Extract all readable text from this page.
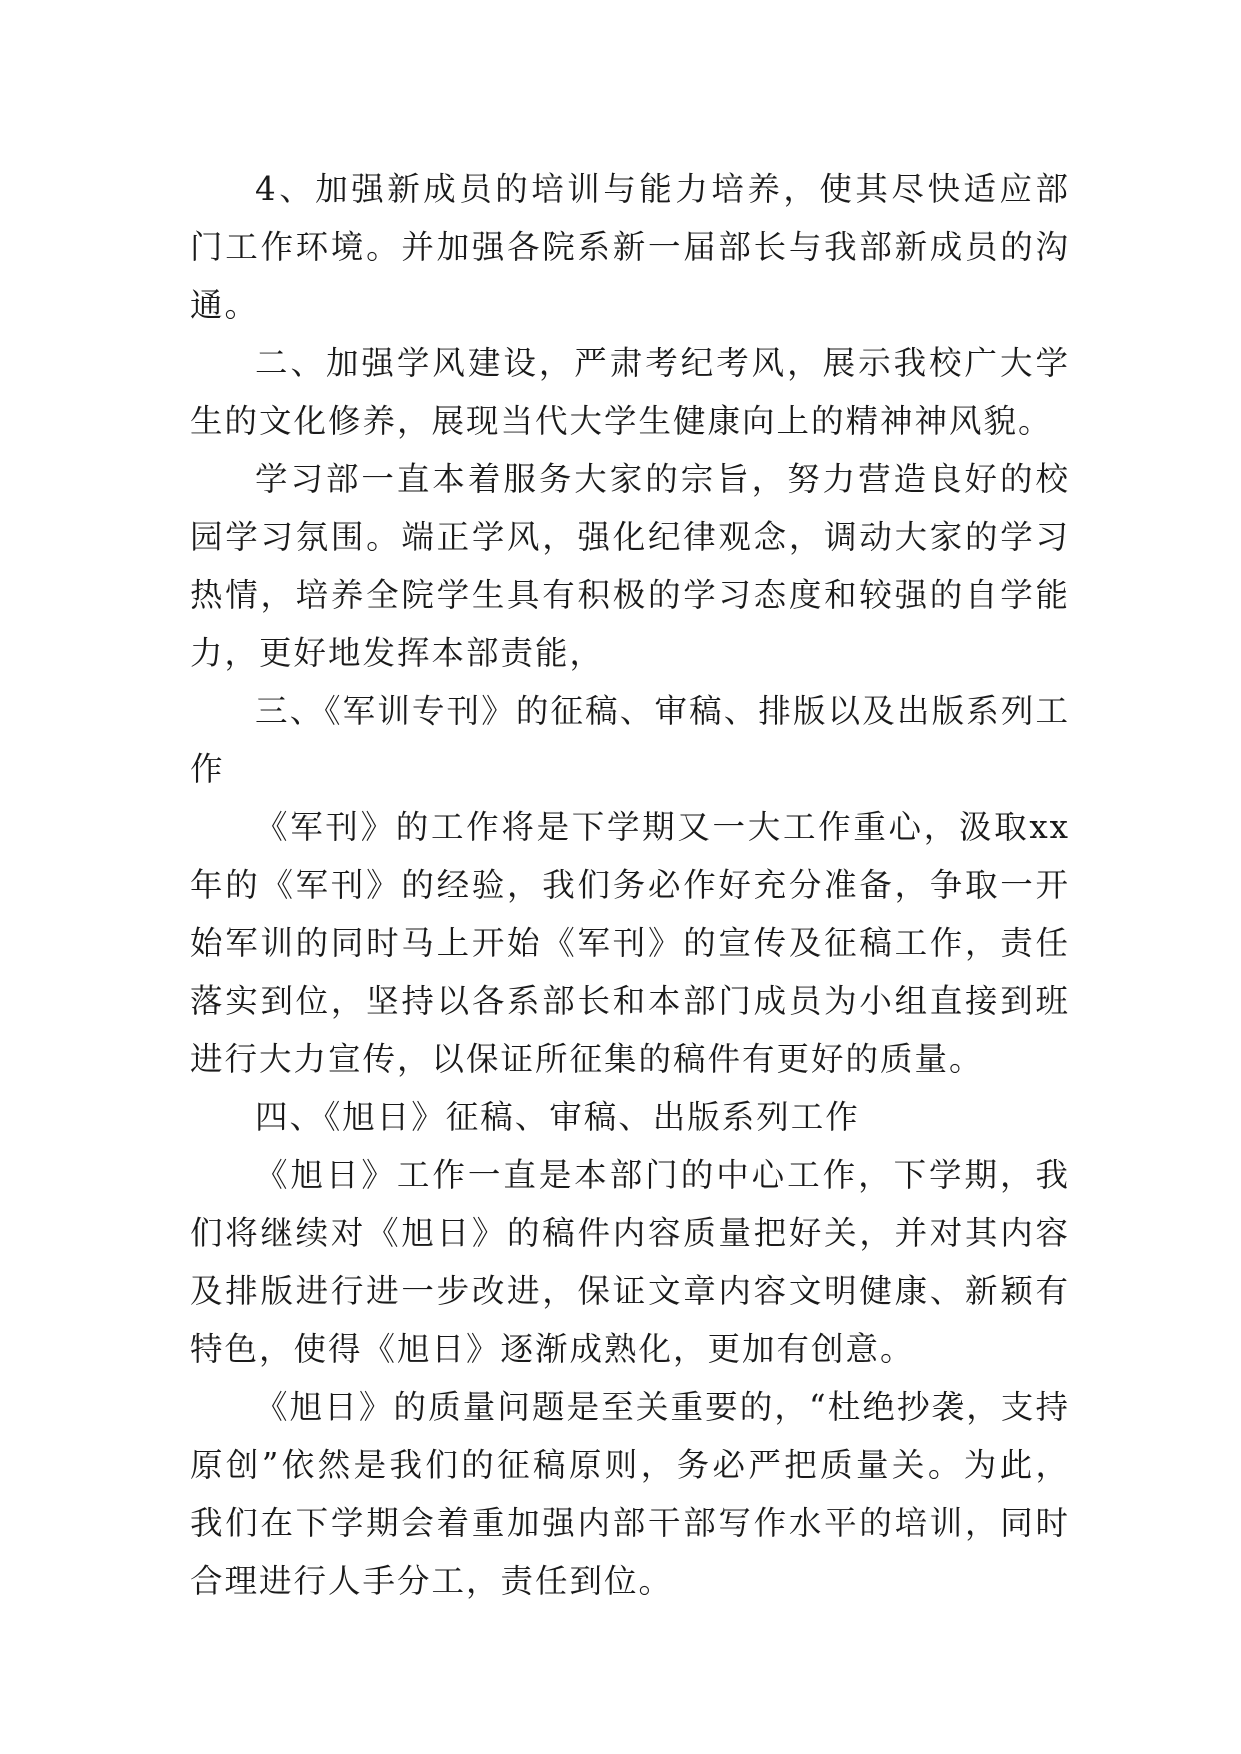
4、加强新成员的培训与能力培养，使其尽快适应部门工作环境。并加强各院系新一届部长与我部新成员的沟通。

二、加强学风建设，严肃考纪考风，展示我校广大学生的文化修养，展现当代大学生健康向上的精神神风貌。

学习部一直本着服务大家的宗旨，努力营造良好的校园学习氛围。端正学风，强化纪律观念，调动大家的学习热情，培养全院学生具有积极的学习态度和较强的自学能力，更好地发挥本部责能，

三、《军训专刊》的征稿、审稿、排版以及出版系列工作

《军刊》的工作将是下学期又一大工作重心，汲取xx年的《军刊》的经验，我们务必作好充分准备，争取一开始军训的同时马上开始《军刊》的宣传及征稿工作，责任落实到位，坚持以各系部长和本部门成员为小组直接到班进行大力宣传，以保证所征集的稿件有更好的质量。

四、《旭日》征稿、审稿、出版系列工作

《旭日》工作一直是本部门的中心工作，下学期，我们将继续对《旭日》的稿件内容质量把好关，并对其内容及排版进行进一步改进，保证文章内容文明健康、新颖有特色，使得《旭日》逐渐成熟化，更加有创意。

《旭日》的质量问题是至关重要的，“杜绝抄袭，支持原创”依然是我们的征稿原则，务必严把质量关。为此，我们在下学期会着重加强内部干部写作水平的培训，同时合理进行人手分工，责任到位。
